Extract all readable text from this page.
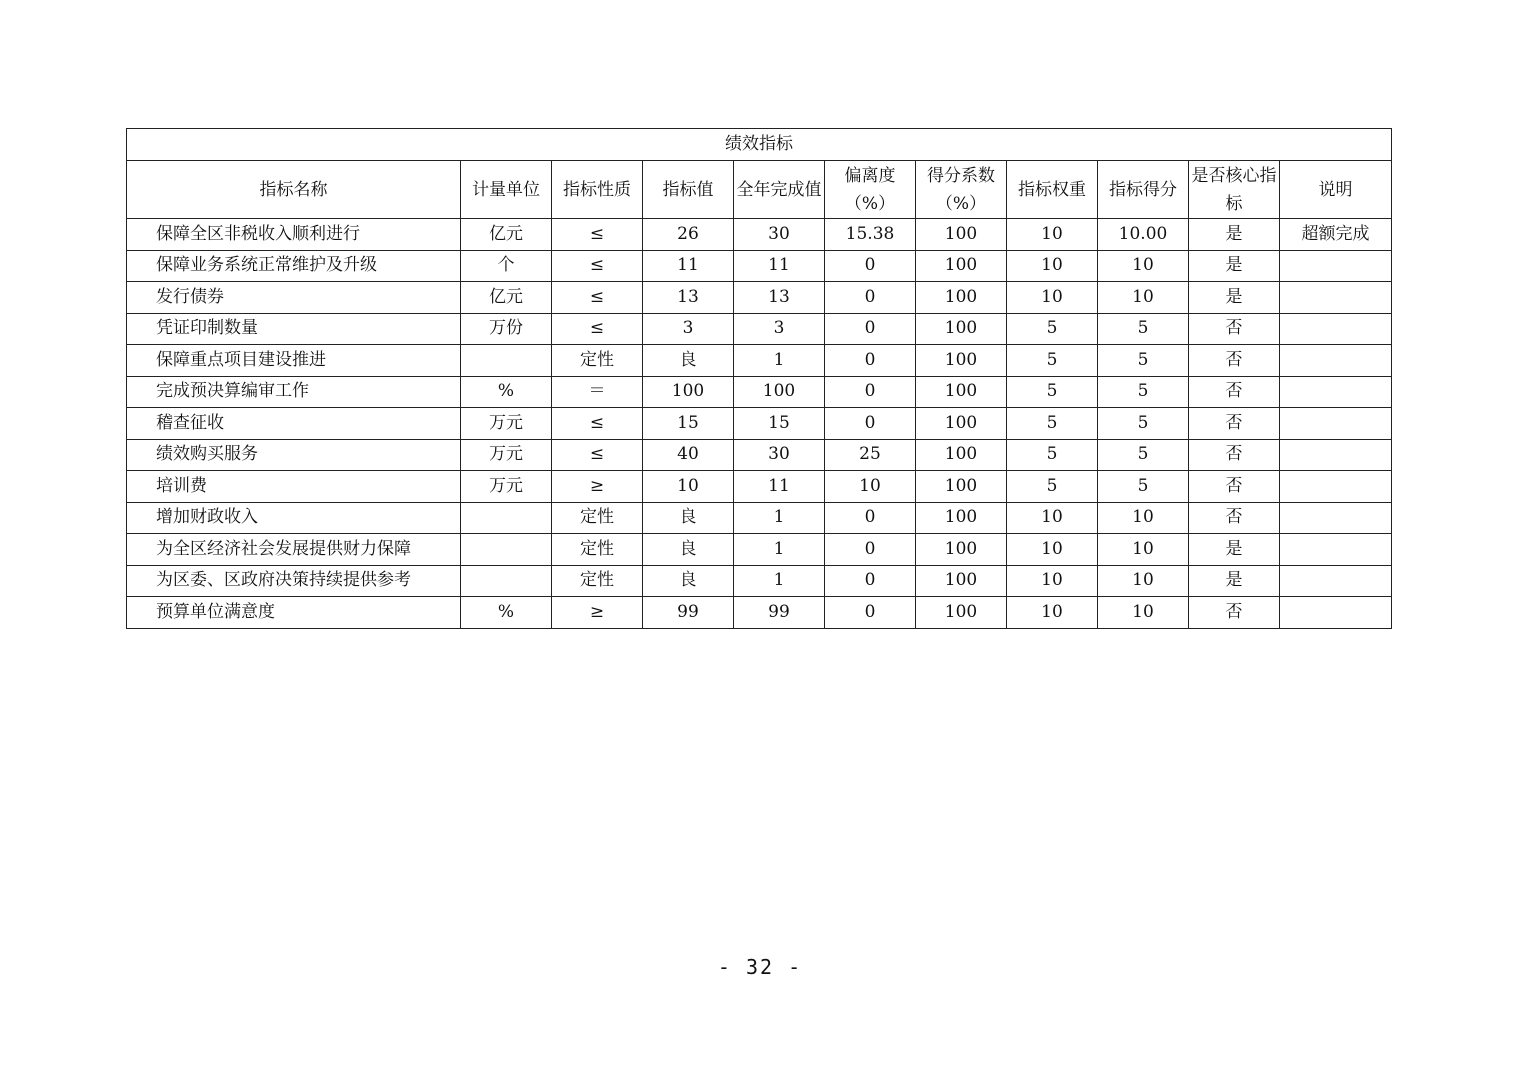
绩效指标										
指标名称	计量单位	指标性质	指标值	全年完成值	偏离度（%）	得分系数（%）	指标权重	指标得分	是否核心指标	说明
保障全区非税收入顺利进行	亿元	≤	26	30	15.38	100	10	10.00	是	超额完成
保障业务系统正常维护及升级	个	≤	11	11	0	100	10	10	是	
发行债券	亿元	≤	13	13	0	100	10	10	是	
凭证印制数量	万份	≤	3	3	0	100	5	5	否	
保障重点项目建设推进		定性	良	1	0	100	5	5	否	
完成预决算编审工作	%	＝	100	100	0	100	5	5	否	
稽查征收	万元	≤	15	15	0	100	5	5	否	
绩效购买服务	万元	≤	40	30	25	100	5	5	否	
培训费	万元	≥	10	11	10	100	5	5	否	
增加财政收入		定性	良	1	0	100	10	10	否	
为全区经济社会发展提供财力保障		定性	良	1	0	100	10	10	是	
为区委、区政府决策持续提供参考		定性	良	1	0	100	10	10	是	
预算单位满意度	%	≥	99	99	0	100	10	10	否	
- 32 -
